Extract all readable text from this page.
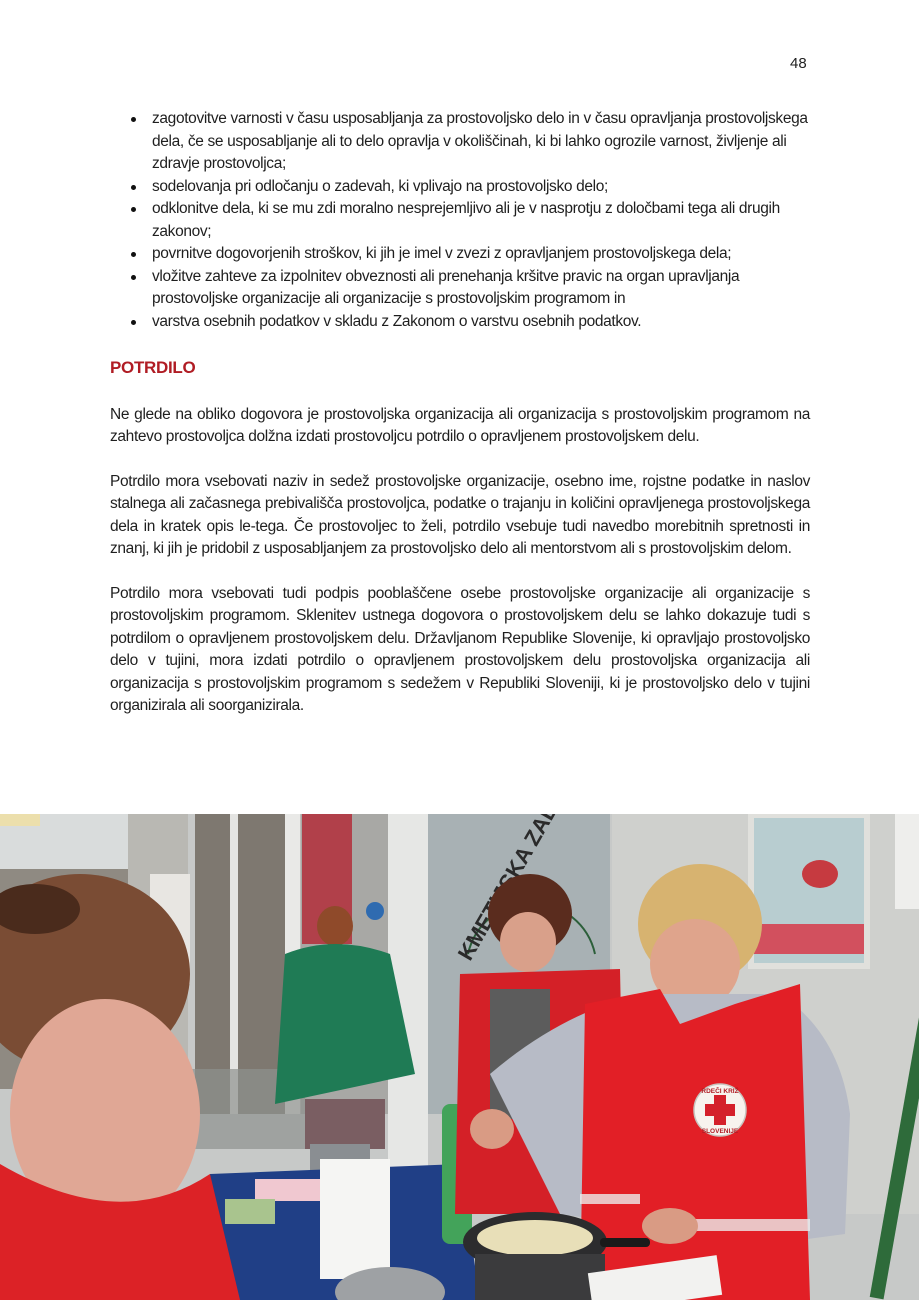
48
zagotovitve varnosti v času usposabljanja za prostovoljsko delo in v času opravljanja prostovoljskega dela, če se usposabljanje ali to delo opravlja v okoliščinah, ki bi lahko ogrozile varnost, življenje ali zdravje prostovoljca;
sodelovanja pri odločanju o zadevah, ki vplivajo na prostovoljsko delo;
odklonitve dela, ki se mu zdi moralno nesprejemljivo ali je v nasprotju z določbami tega ali drugih zakonov;
povrnitve dogovorjenih stroškov, ki jih je imel v zvezi z opravljanjem prostovoljskega dela;
vložitve zahteve za izpolnitev obveznosti ali prenehanja kršitve pravic na organ upravljanja prostovoljske organizacije ali organizacije s prostovoljskim programom in
varstva osebnih podatkov v skladu z Zakonom o varstvu osebnih podatkov.
POTRDILO

Ne glede na obliko dogovora je prostovoljska organizacija ali organizacija s prostovoljskim programom na zahtevo prostovoljca dolžna izdati prostovoljcu potrdilo o opravljenem prostovoljskem delu.

Potrdilo mora vsebovati naziv in sedež prostovoljske organizacije, osebno ime, rojstne podatke in naslov stalnega ali začasnega prebivališča prostovoljca, podatke o trajanju in količini opravljenega prostovoljskega dela in kratek opis le-tega. Če prostovoljec to želi, potrdilo vsebuje tudi navedbo morebitnih spretnosti in znanj, ki jih je pridobil z usposabljanjem za prostovoljsko delo ali mentorstvom ali s prostovoljskim delom.

Potrdilo mora vsebovati tudi podpis pooblaščene osebe prostovoljske organizacije ali organizacije s prostovoljskim programom. Sklenitev ustnega dogovora o prostovoljskem delu se lahko dokazuje tudi s potrdilom o opravljenem prostovoljskem delu. Državljanom Republike Slovenije, ki opravljajo prostovoljsko delo v tujini, mora izdati potrdilo o opravljenem prostovoljskem delu prostovoljska organizacija ali organizacija s prostovoljskim programom s sedežem v Republiki Sloveniji, ki je prostovoljsko delo v tujini organizirala ali soorganizirala.

RDEČI KRIŽ
SLOVENIJE
